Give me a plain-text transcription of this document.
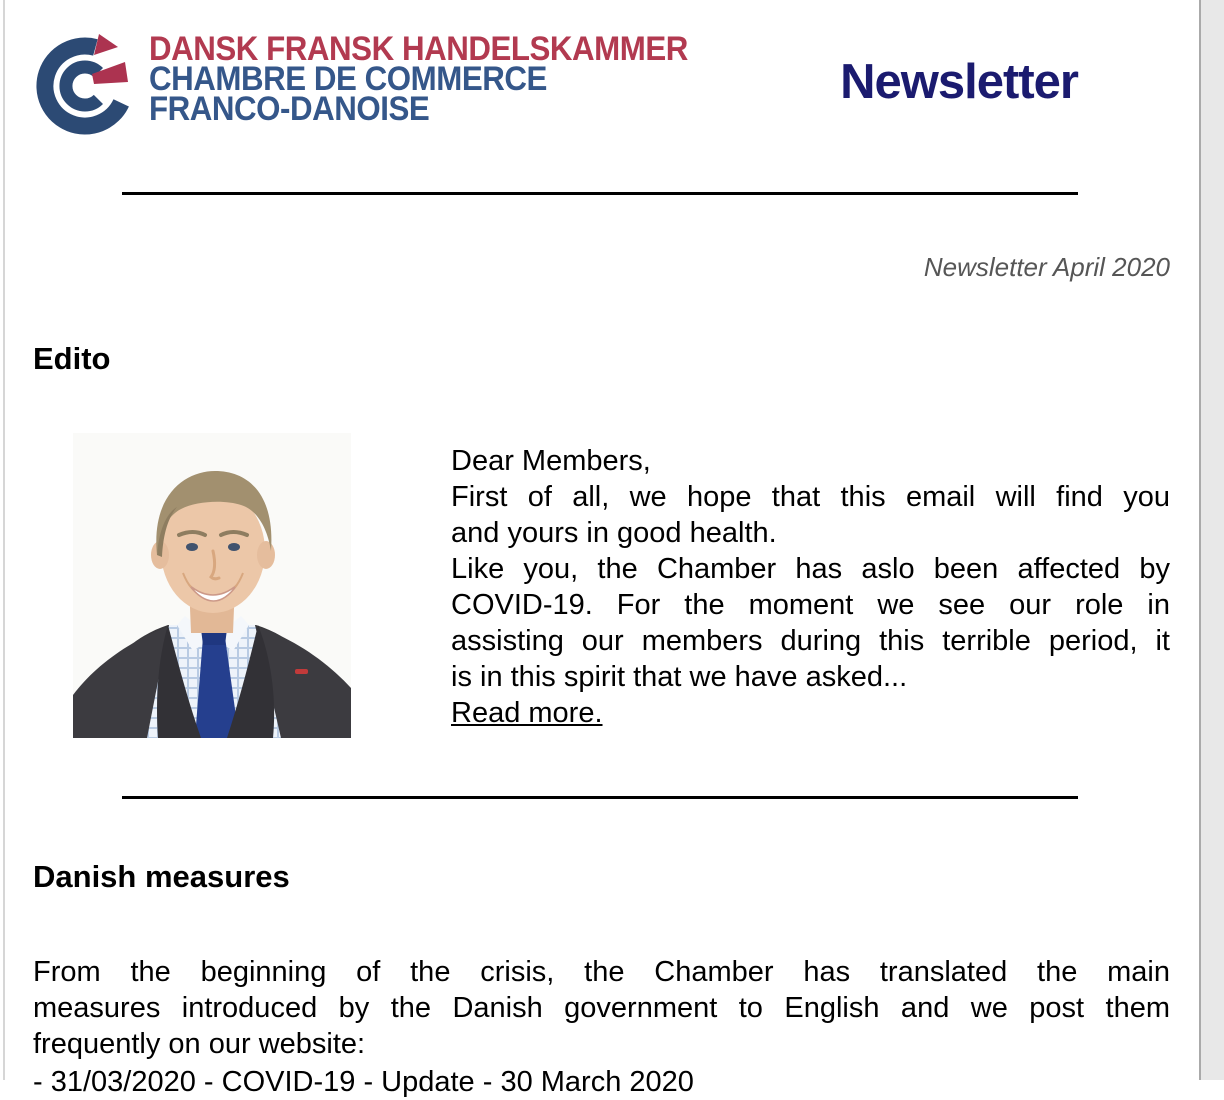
DANSK FRANSK HANDELSKAMMER
CHAMBRE DE COMMERCE
FRANCO-DANOISE	Newsletter
Newsletter April 2020
Edito
Dear Members,
First of all, we hope that this email will find you
and yours in good health.
Like you, the Chamber has aslo been affected by
COVID-19. For the moment we see our role in
assisting our members during this terrible period, it
is in this spirit that we have asked...
Read more.
Danish measures
From the beginning of the crisis, the Chamber has translated the main
measures introduced by the Danish government to English and we post them
frequently on our website:
- 31/03/2020 - COVID-19 - Update - 30 March 2020
